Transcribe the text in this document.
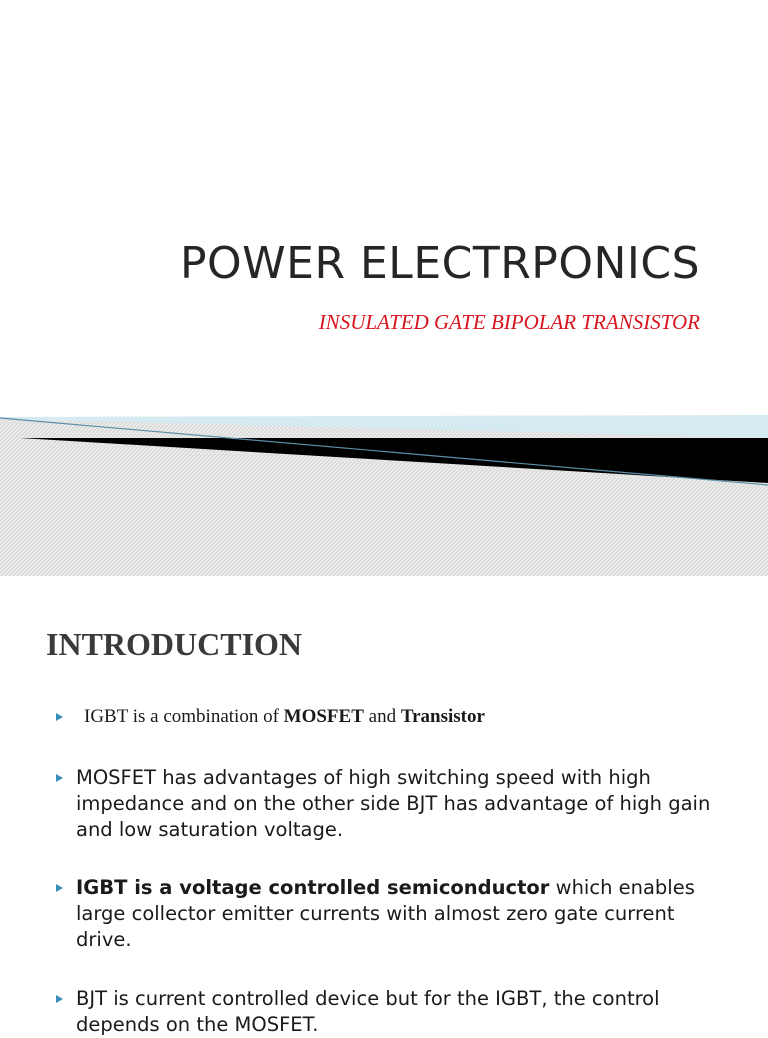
POWER ELECTRPONICS

INSULATED GATE BIPOLAR TRANSISTOR

INTRODUCTION
IGBT is a combination of MOSFET and Transistor
MOSFET has advantages of high switching speed with high impedance and on the other side BJT has advantage of high gain and low saturation voltage.
IGBT is a voltage controlled semiconductor which enables large collector emitter currents with almost zero gate current drive.
BJT is current controlled device but for the IGBT, the control depends on the MOSFET.
